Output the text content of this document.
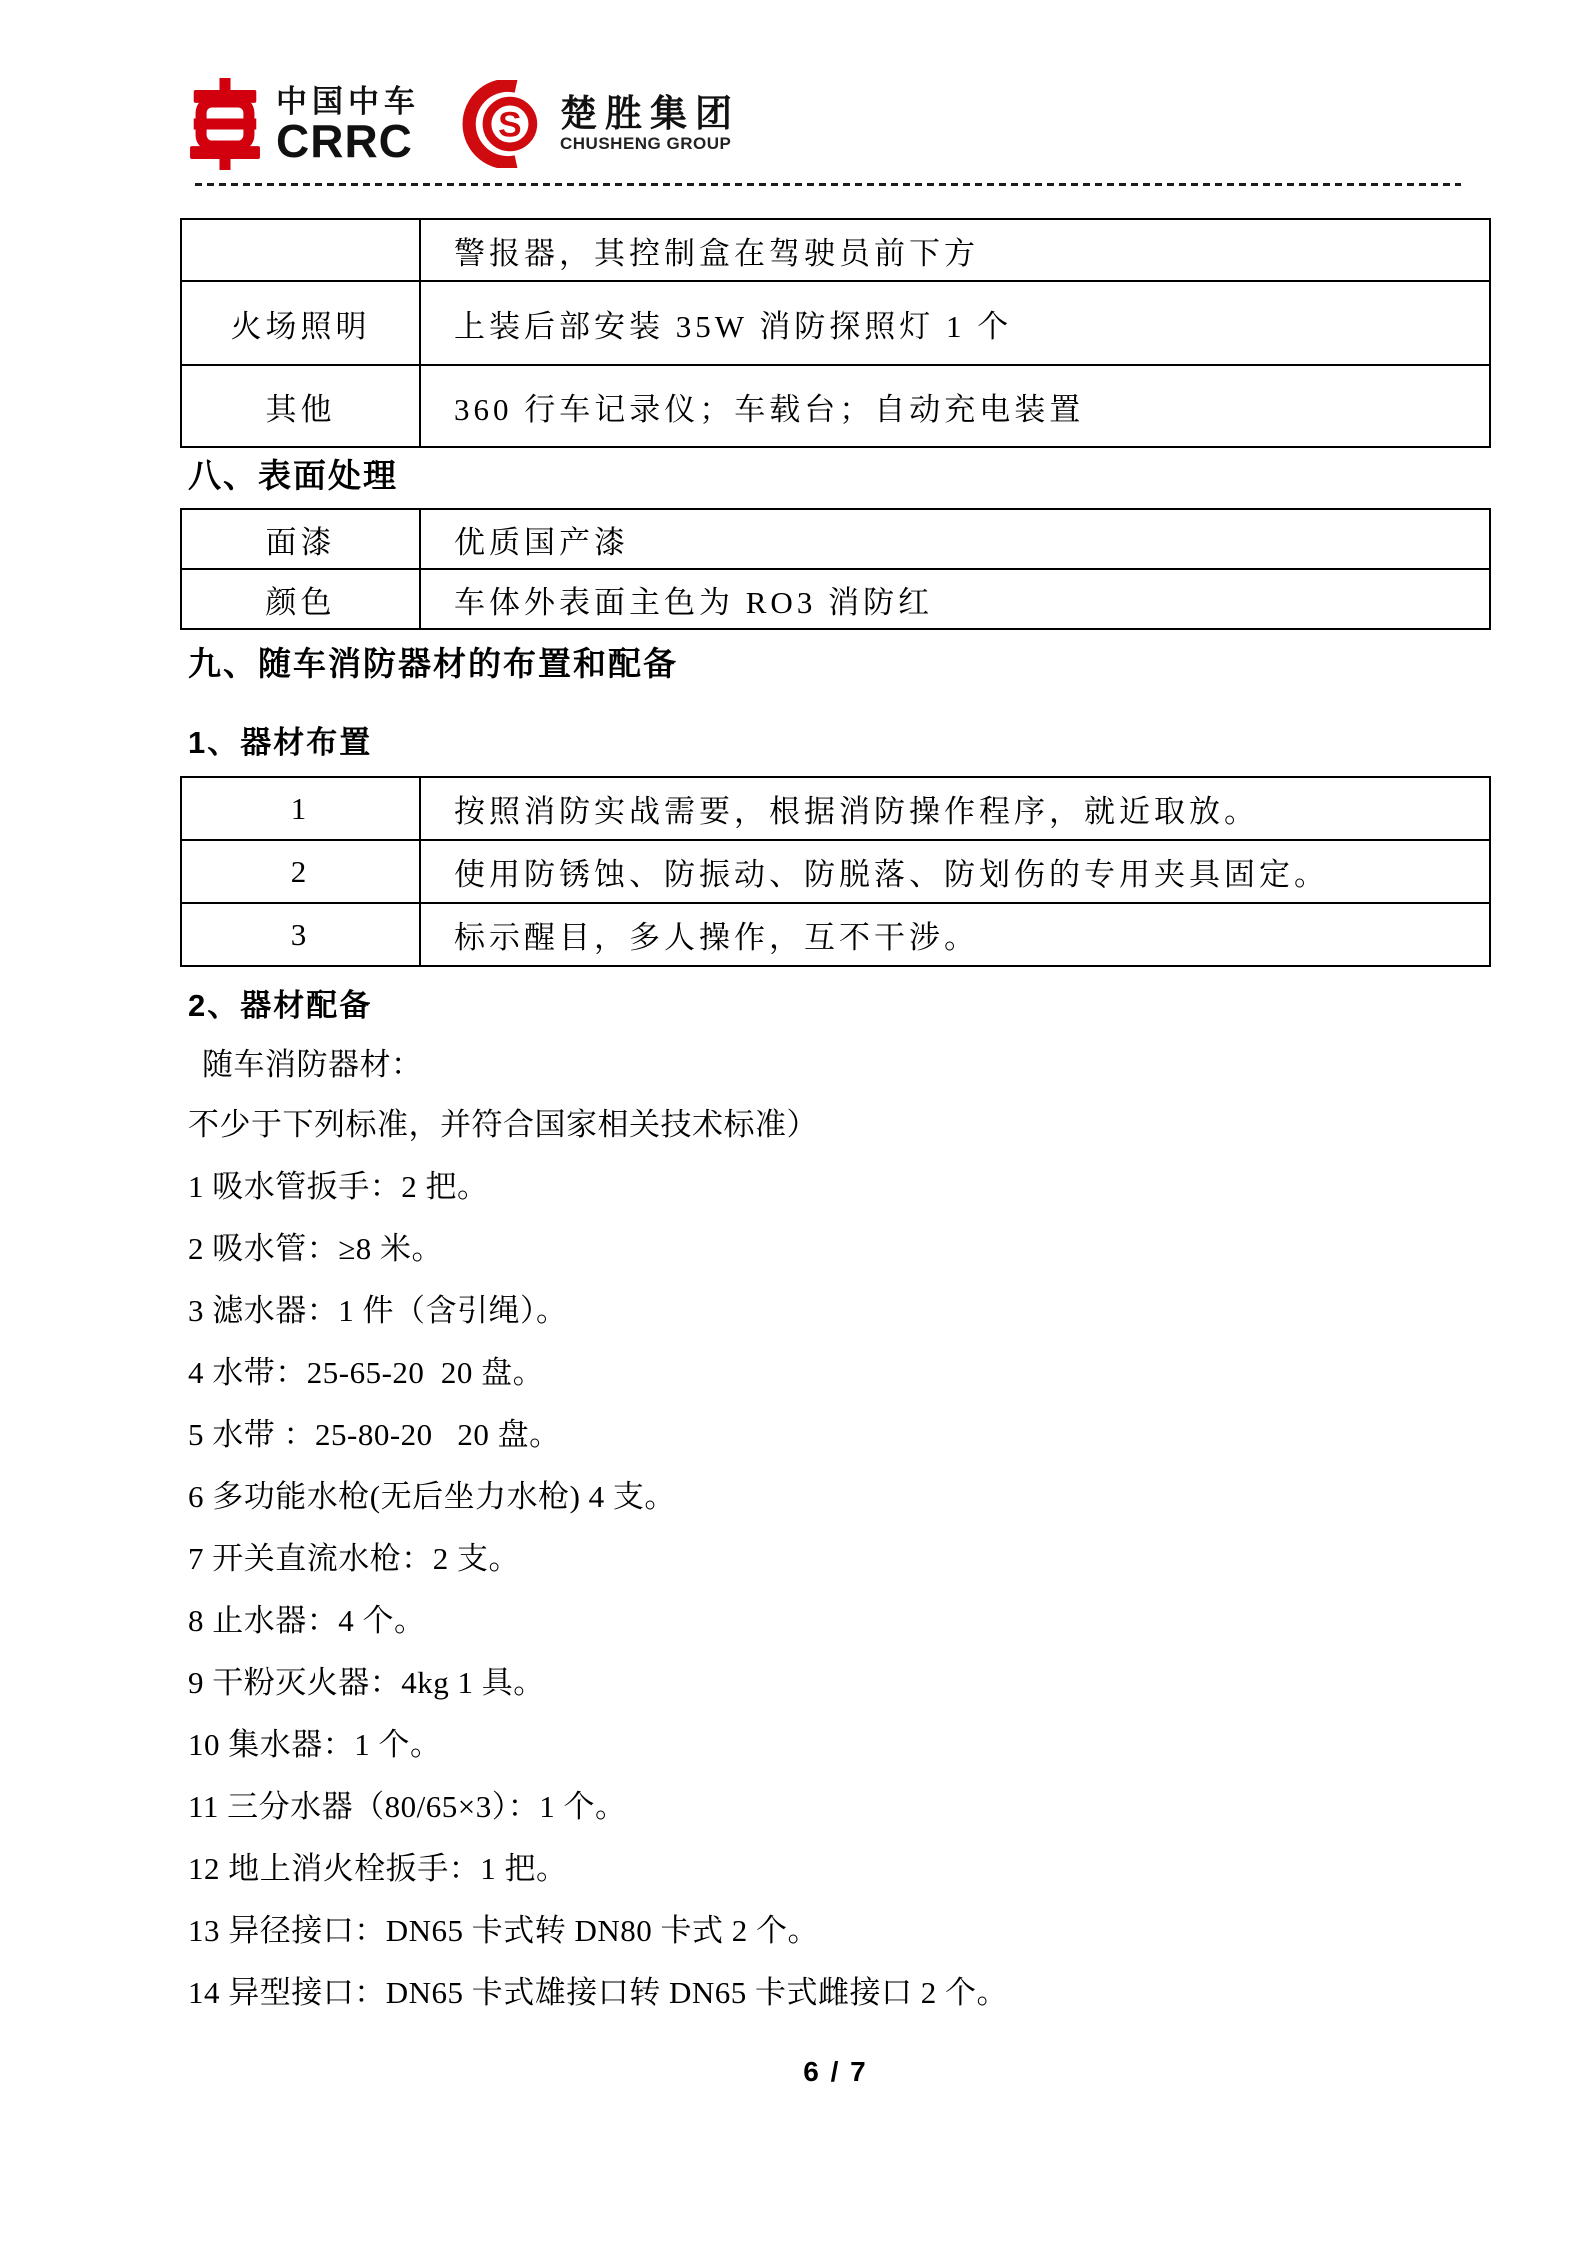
中国中车
CRRC S 楚胜集团
CHUSHENG GROUP
	警报器，其控制盒在驾驶员前下方
火场照明	上装后部安装 35W 消防探照灯 1 个
其他	360 行车记录仪；车载台；自动充电装置
八、表面处理
面漆	优质国产漆
颜色	车体外表面主色为 RO3 消防红
九、随车消防器材的布置和配备
1、器材布置
1	按照消防实战需要，根据消防操作程序，就近取放。
2	使用防锈蚀、防振动、防脱落、防划伤的专用夹具固定。
3	标示醒目，多人操作，互不干涉。
2、器材配备

随车消防器材：

不少于下列标准，并符合国家相关技术标准）

1 吸水管扳手：2 把。

2 吸水管：≥8 米。

3 滤水器：1 件（含引绳）。

4 水带：25-65-20  20 盘。

5 水带 ：25-80-20   20 盘。

6 多功能水枪(无后坐力水枪) 4 支。

7 开关直流水枪：2 支。

8 止水器：4 个。

9 干粉灭火器：4kg 1 具。

10 集水器：1 个。

11 三分水器（80/65×3）：1 个。

12 地上消火栓扳手：1 把。

13 异径接口：DN65 卡式转 DN80 卡式 2 个。

14 异型接口：DN65 卡式雄接口转 DN65 卡式雌接口 2 个。

6 / 7
